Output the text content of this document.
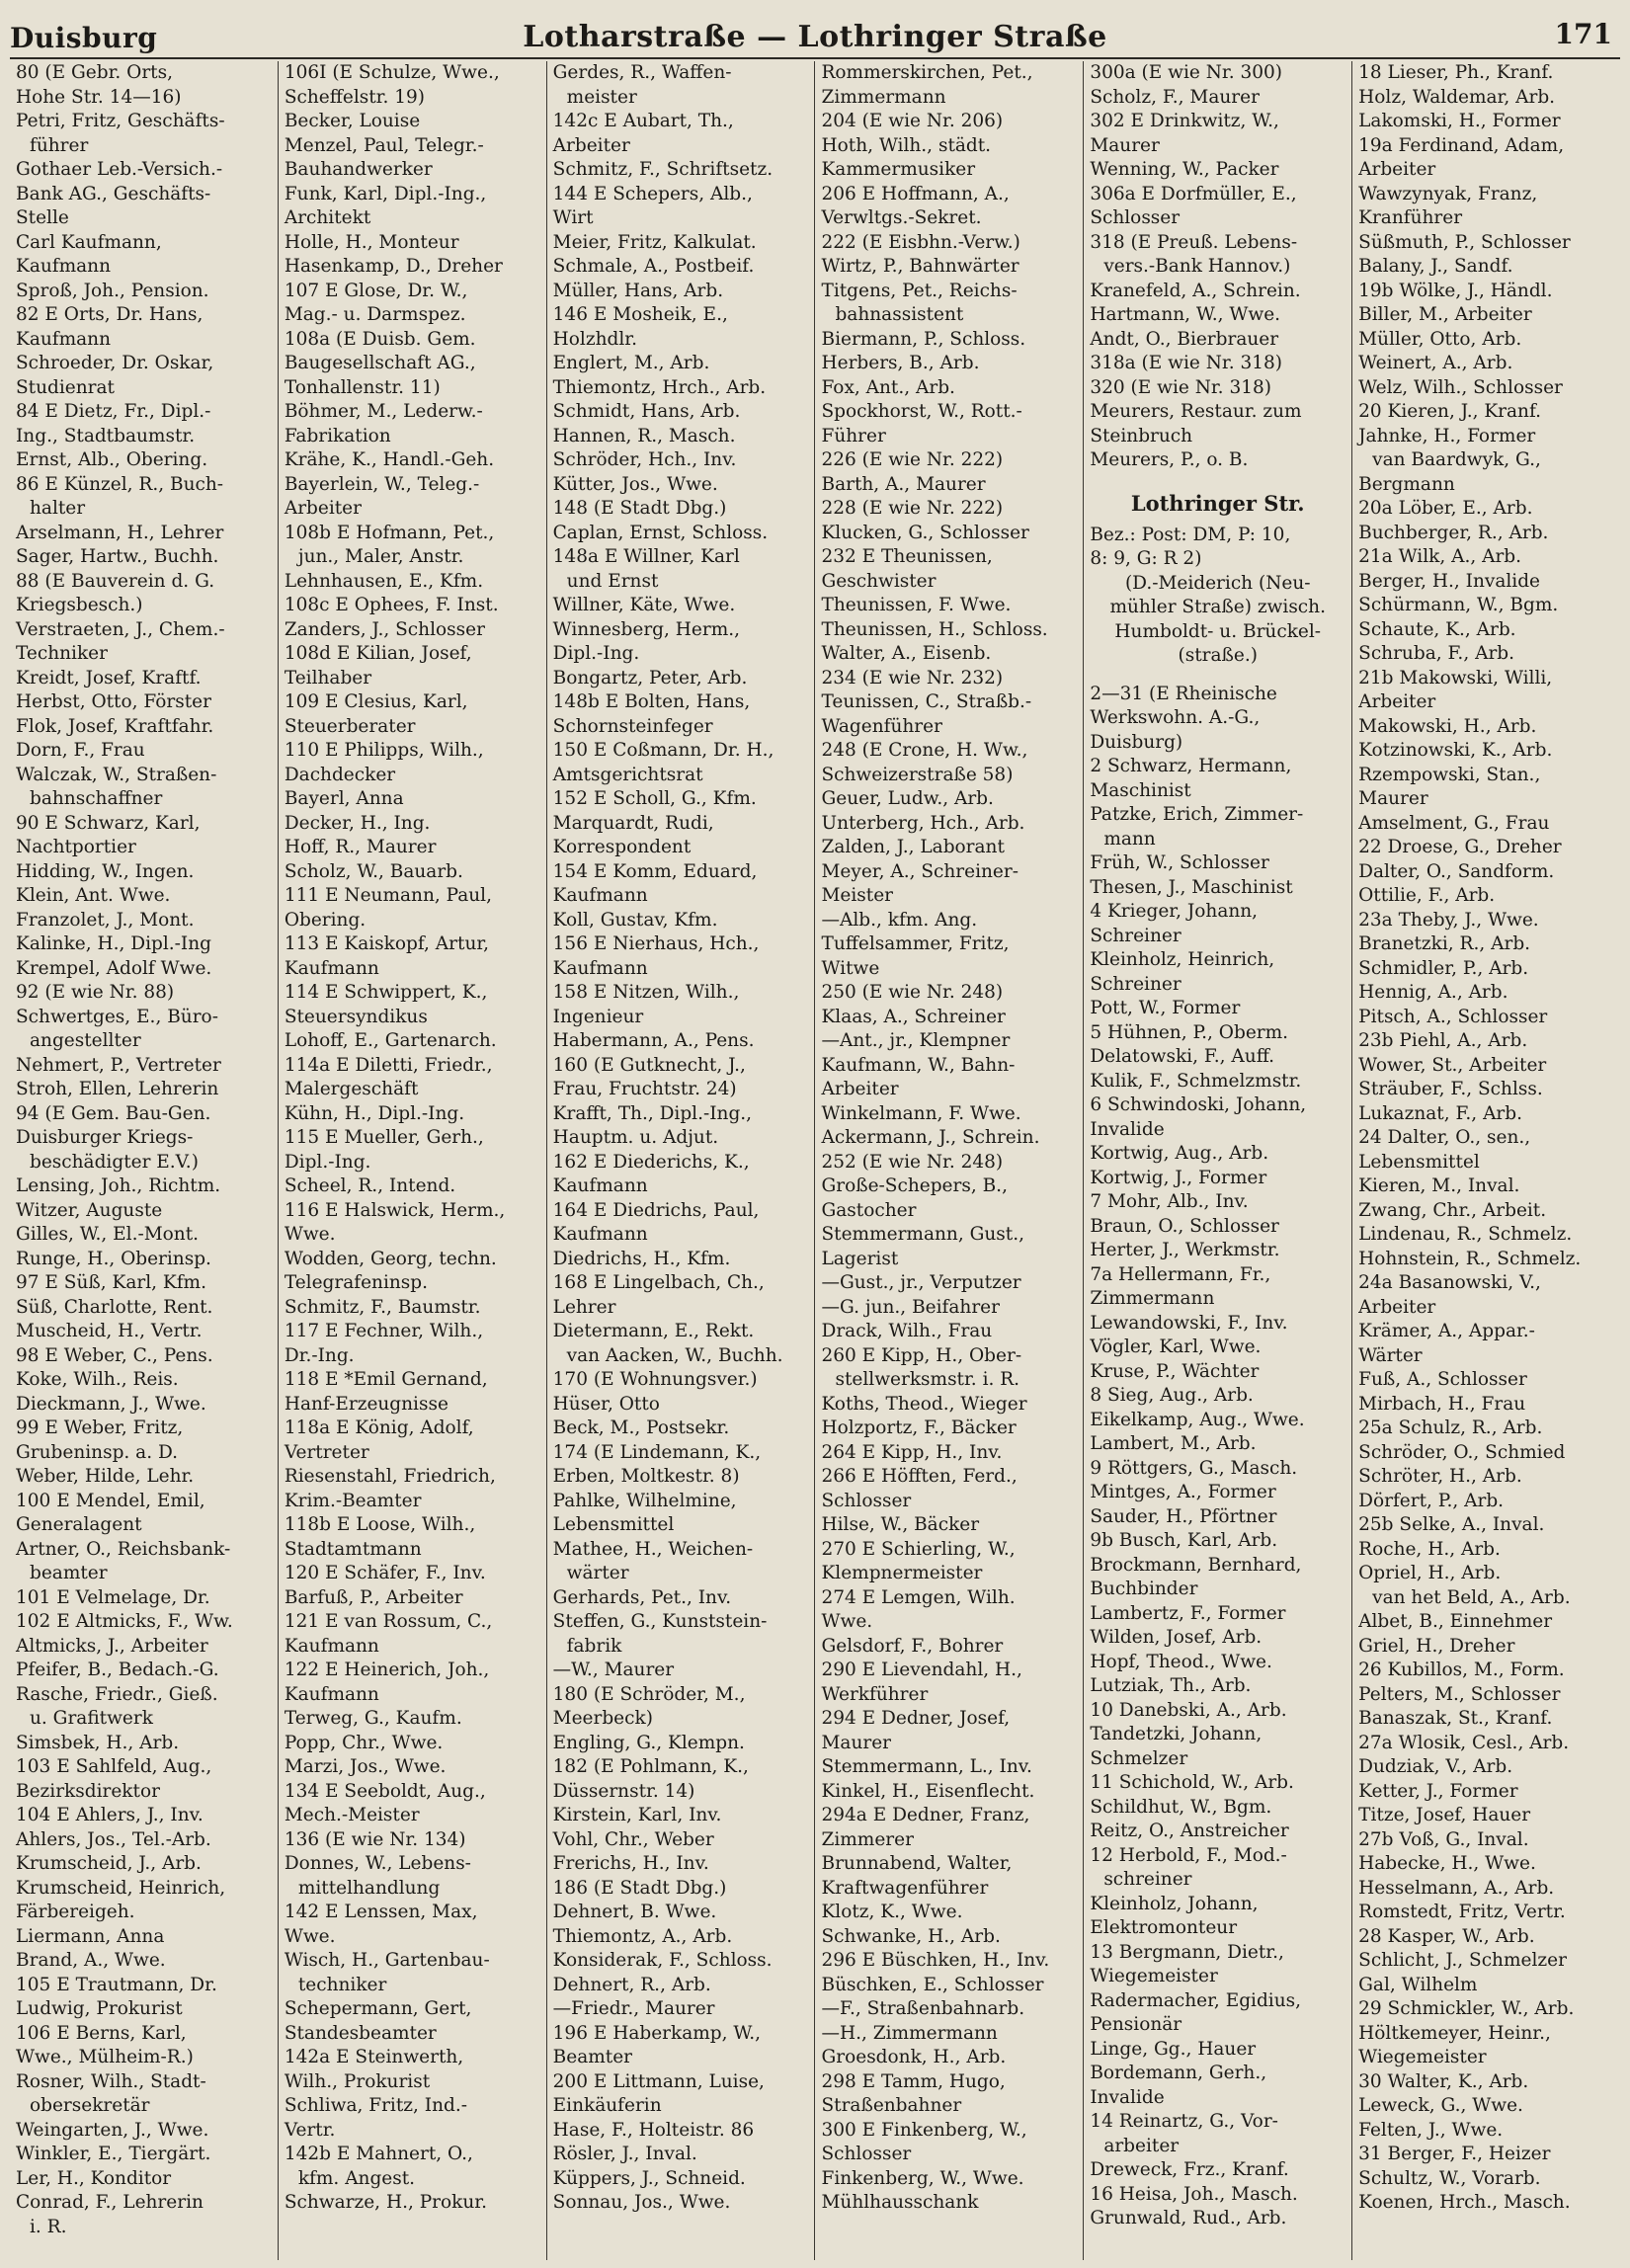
Duisburg	Lotharstraße — Lothringer Straße	171
80 (E Gebr. Orts,
Hohe Str. 14—16)
Petri, Fritz, Geschäfts-
führer
Gothaer Leb.-Versich.-
Bank AG., Geschäfts-
Stelle
Carl Kaufmann,
Kaufmann
Sproß, Joh., Pension.
82 E Orts, Dr. Hans,
Kaufmann
Schroeder, Dr. Oskar,
Studienrat
84 E Dietz, Fr., Dipl.-
Ing., Stadtbaumstr.
Ernst, Alb., Obering.
86 E Künzel, R., Buch-
halter
Arselmann, H., Lehrer
Sager, Hartw., Buchh.
88 (E Bauverein d. G.
Kriegsbesch.)
Verstraeten, J., Chem.-
Techniker
Kreidt, Josef, Kraftf.
Herbst, Otto, Förster
Flok, Josef, Kraftfahr.
Dorn, F., Frau
Walczak, W., Straßen-
bahnschaffner
90 E Schwarz, Karl,
Nachtportier
Hidding, W., Ingen.
Klein, Ant. Wwe.
Franzolet, J., Mont.
Kalinke, H., Dipl.-Ing
Krempel, Adolf Wwe.
92 (E wie Nr. 88)
Schwertges, E., Büro-
angestellter
Nehmert, P., Vertreter
Stroh, Ellen, Lehrerin
94 (E Gem. Bau-Gen.
Duisburger Kriegs-
beschädigter E.V.)
Lensing, Joh., Richtm.
Witzer, Auguste
Gilles, W., El.-Mont.
Runge, H., Oberinsp.
97 E Süß, Karl, Kfm.
Süß, Charlotte, Rent.
Muscheid, H., Vertr.
98 E Weber, C., Pens.
Koke, Wilh., Reis.
Dieckmann, J., Wwe.
99 E Weber, Fritz,
Grubeninsp. a. D.
Weber, Hilde, Lehr.
100 E Mendel, Emil,
Generalagent
Artner, O., Reichsbank-
beamter
101 E Velmelage, Dr.
102 E Altmicks, F., Ww.
Altmicks, J., Arbeiter
Pfeifer, B., Bedach.-G.
Rasche, Friedr., Gieß.
u. Grafitwerk
Simsbek, H., Arb.
103 E Sahlfeld, Aug.,
Bezirksdirektor
104 E Ahlers, J., Inv.
Ahlers, Jos., Tel.-Arb.
Krumscheid, J., Arb.
Krumscheid, Heinrich,
Färbereigeh.
Liermann, Anna
Brand, A., Wwe.
105 E Trautmann, Dr.
Ludwig, Prokurist
106 E Berns, Karl,
Wwe., Mülheim-R.)
Rosner, Wilh., Stadt-
obersekretär
Weingarten, J., Wwe.
Winkler, E., Tiergärt.
Ler, H., Konditor
Conrad, F., Lehrerin
i. R.
106I (E Schulze, Wwe.,
Scheffelstr. 19)
Becker, Louise
Menzel, Paul, Telegr.-
Bauhandwerker
Funk, Karl, Dipl.-Ing.,
Architekt
Holle, H., Monteur
Hasenkamp, D., Dreher
107 E Glose, Dr. W.,
Mag.- u. Darmspez.
108a (E Duisb. Gem.
Baugesellschaft AG.,
Tonhallenstr. 11)
Böhmer, M., Lederw.-
Fabrikation
Krähe, K., Handl.-Geh.
Bayerlein, W., Teleg.-
Arbeiter
108b E Hofmann, Pet.,
jun., Maler, Anstr.
Lehnhausen, E., Kfm.
108c E Ophees, F. Inst.
Zanders, J., Schlosser
108d E Kilian, Josef,
Teilhaber
109 E Clesius, Karl,
Steuerberater
110 E Philipps, Wilh.,
Dachdecker
Bayerl, Anna
Decker, H., Ing.
Hoff, R., Maurer
Scholz, W., Bauarb.
111 E Neumann, Paul,
Obering.
113 E Kaiskopf, Artur,
Kaufmann
114 E Schwippert, K.,
Steuersyndikus
Lohoff, E., Gartenarch.
114a E Diletti, Friedr.,
Malergeschäft
Kühn, H., Dipl.-Ing.
115 E Mueller, Gerh.,
Dipl.-Ing.
Scheel, R., Intend.
116 E Halswick, Herm.,
Wwe.
Wodden, Georg, techn.
Telegrafeninsp.
Schmitz, F., Baumstr.
117 E Fechner, Wilh.,
Dr.-Ing.
118 E *Emil Gernand,
Hanf-Erzeugnisse
118a E König, Adolf,
Vertreter
Riesenstahl, Friedrich,
Krim.-Beamter
118b E Loose, Wilh.,
Stadtamtmann
120 E Schäfer, F., Inv.
Barfuß, P., Arbeiter
121 E van Rossum, C.,
Kaufmann
122 E Heinerich, Joh.,
Kaufmann
Terweg, G., Kaufm.
Popp, Chr., Wwe.
Marzi, Jos., Wwe.
134 E Seeboldt, Aug.,
Mech.-Meister
136 (E wie Nr. 134)
Donnes, W., Lebens-
mittelhandlung
142 E Lenssen, Max,
Wwe.
Wisch, H., Gartenbau-
techniker
Schepermann, Gert,
Standesbeamter
142a E Steinwerth,
Wilh., Prokurist
Schliwa, Fritz, Ind.-
Vertr.
142b E Mahnert, O.,
kfm. Angest.
Schwarze, H., Prokur.
Gerdes, R., Waffen-
meister
142c E Aubart, Th.,
Arbeiter
Schmitz, F., Schriftsetz.
144 E Schepers, Alb.,
Wirt
Meier, Fritz, Kalkulat.
Schmale, A., Postbeif.
Müller, Hans, Arb.
146 E Mosheik, E.,
Holzhdlr.
Englert, M., Arb.
Thiemontz, Hrch., Arb.
Schmidt, Hans, Arb.
Hannen, R., Masch.
Schröder, Hch., Inv.
Kütter, Jos., Wwe.
148 (E Stadt Dbg.)
Caplan, Ernst, Schloss.
148a E Willner, Karl
und Ernst
Willner, Käte, Wwe.
Winnesberg, Herm.,
Dipl.-Ing.
Bongartz, Peter, Arb.
148b E Bolten, Hans,
Schornsteinfeger
150 E Coßmann, Dr. H.,
Amtsgerichtsrat
152 E Scholl, G., Kfm.
Marquardt, Rudi,
Korrespondent
154 E Komm, Eduard,
Kaufmann
Koll, Gustav, Kfm.
156 E Nierhaus, Hch.,
Kaufmann
158 E Nitzen, Wilh.,
Ingenieur
Habermann, A., Pens.
160 (E Gutknecht, J.,
Frau, Fruchtstr. 24)
Krafft, Th., Dipl.-Ing.,
Hauptm. u. Adjut.
162 E Diederichs, K.,
Kaufmann
164 E Diedrichs, Paul,
Kaufmann
Diedrichs, H., Kfm.
168 E Lingelbach, Ch.,
Lehrer
Dietermann, E., Rekt.
van Aacken, W., Buchh.
170 (E Wohnungsver.)
Hüser, Otto
Beck, M., Postsekr.
174 (E Lindemann, K.,
Erben, Moltkestr. 8)
Pahlke, Wilhelmine,
Lebensmittel
Mathee, H., Weichen-
wärter
Gerhards, Pet., Inv.
Steffen, G., Kunststein-
fabrik
—W., Maurer
180 (E Schröder, M.,
Meerbeck)
Engling, G., Klempn.
182 (E Pohlmann, K.,
Düssernstr. 14)
Kirstein, Karl, Inv.
Vohl, Chr., Weber
Frerichs, H., Inv.
186 (E Stadt Dbg.)
Dehnert, B. Wwe.
Thiemontz, A., Arb.
Konsiderak, F., Schloss.
Dehnert, R., Arb.
—Friedr., Maurer
196 E Haberkamp, W.,
Beamter
200 E Littmann, Luise,
Einkäuferin
Hase, F., Holteistr. 86
Rösler, J., Inval.
Küppers, J., Schneid.
Sonnau, Jos., Wwe.
Rommerskirchen, Pet.,
Zimmermann
204 (E wie Nr. 206)
Hoth, Wilh., städt.
Kammermusiker
206 E Hoffmann, A.,
Verwltgs.-Sekret.
222 (E Eisbhn.-Verw.)
Wirtz, P., Bahnwärter
Titgens, Pet., Reichs-
bahnassistent
Biermann, P., Schloss.
Herbers, B., Arb.
Fox, Ant., Arb.
Spockhorst, W., Rott.-
Führer
226 (E wie Nr. 222)
Barth, A., Maurer
228 (E wie Nr. 222)
Klucken, G., Schlosser
232 E Theunissen,
Geschwister
Theunissen, F. Wwe.
Theunissen, H., Schloss.
Walter, A., Eisenb.
234 (E wie Nr. 232)
Teunissen, C., Straßb.-
Wagenführer
248 (E Crone, H. Ww.,
Schweizerstraße 58)
Geuer, Ludw., Arb.
Unterberg, Hch., Arb.
Zalden, J., Laborant
Meyer, A., Schreiner-
Meister
—Alb., kfm. Ang.
Tuffelsammer, Fritz,
Witwe
250 (E wie Nr. 248)
Klaas, A., Schreiner
—Ant., jr., Klempner
Kaufmann, W., Bahn-
Arbeiter
Winkelmann, F. Wwe.
Ackermann, J., Schrein.
252 (E wie Nr. 248)
Große-Schepers, B.,
Gastocher
Stemmermann, Gust.,
Lagerist
—Gust., jr., Verputzer
—G. jun., Beifahrer
Drack, Wilh., Frau
260 E Kipp, H., Ober-
stellwerksmstr. i. R.
Koths, Theod., Wieger
Holzportz, F., Bäcker
264 E Kipp, H., Inv.
266 E Höfften, Ferd.,
Schlosser
Hilse, W., Bäcker
270 E Schierling, W.,
Klempnermeister
274 E Lemgen, Wilh.
Wwe.
Gelsdorf, F., Bohrer
290 E Lievendahl, H.,
Werkführer
294 E Dedner, Josef,
Maurer
Stemmermann, L., Inv.
Kinkel, H., Eisenflecht.
294a E Dedner, Franz,
Zimmerer
Brunnabend, Walter,
Kraftwagenführer
Klotz, K., Wwe.
Schwanke, H., Arb.
296 E Büschken, H., Inv.
Büschken, E., Schlosser
—F., Straßenbahnarb.
—H., Zimmermann
Groesdonk, H., Arb.
298 E Tamm, Hugo,
Straßenbahner
300 E Finkenberg, W.,
Schlosser
Finkenberg, W., Wwe.
Mühlhausschank
300a (E wie Nr. 300)
Scholz, F., Maurer
302 E Drinkwitz, W.,
Maurer
Wenning, W., Packer
306a E Dorfmüller, E.,
Schlosser
318 (E Preuß. Lebens-
vers.-Bank Hannov.)
Kranefeld, A., Schrein.
Hartmann, W., Wwe.
Andt, O., Bierbrauer
318a (E wie Nr. 318)
320 (E wie Nr. 318)
Meurers, Restaur. zum
Steinbruch
Meurers, P., o. B.
Lothringer Str.
Bez.: Post: DM, P: 10,
8: 9, G: R 2)
(D.-Meiderich (Neu-
mühler Straße) zwisch.
Humboldt- u. Brückel-
(straße.)
2—31 (E Rheinische
Werkswohn. A.-G.,
Duisburg)
2 Schwarz, Hermann,
Maschinist
Patzke, Erich, Zimmer-
mann
Früh, W., Schlosser
Thesen, J., Maschinist
4 Krieger, Johann,
Schreiner
Kleinholz, Heinrich,
Schreiner
Pott, W., Former
5 Hühnen, P., Oberm.
Delatowski, F., Auff.
Kulik, F., Schmelzmstr.
6 Schwindoski, Johann,
Invalide
Kortwig, Aug., Arb.
Kortwig, J., Former
7 Mohr, Alb., Inv.
Braun, O., Schlosser
Herter, J., Werkmstr.
7a Hellermann, Fr.,
Zimmermann
Lewandowski, F., Inv.
Vögler, Karl, Wwe.
Kruse, P., Wächter
8 Sieg, Aug., Arb.
Eikelkamp, Aug., Wwe.
Lambert, M., Arb.
9 Röttgers, G., Masch.
Mintges, A., Former
Sauder, H., Pförtner
9b Busch, Karl, Arb.
Brockmann, Bernhard,
Buchbinder
Lambertz, F., Former
Wilden, Josef, Arb.
Hopf, Theod., Wwe.
Lutziak, Th., Arb.
10 Danebski, A., Arb.
Tandetzki, Johann,
Schmelzer
11 Schichold, W., Arb.
Schildhut, W., Bgm.
Reitz, O., Anstreicher
12 Herbold, F., Mod.-
schreiner
Kleinholz, Johann,
Elektromonteur
13 Bergmann, Dietr.,
Wiegemeister
Radermacher, Egidius,
Pensionär
Linge, Gg., Hauer
Bordemann, Gerh.,
Invalide
14 Reinartz, G., Vor-
arbeiter
Dreweck, Frz., Kranf.
16 Heisa, Joh., Masch.
Grunwald, Rud., Arb.
18 Lieser, Ph., Kranf.
Holz, Waldemar, Arb.
Lakomski, H., Former
19a Ferdinand, Adam,
Arbeiter
Wawzynyak, Franz,
Kranführer
Süßmuth, P., Schlosser
Balany, J., Sandf.
19b Wölke, J., Händl.
Biller, M., Arbeiter
Müller, Otto, Arb.
Weinert, A., Arb.
Welz, Wilh., Schlosser
20 Kieren, J., Kranf.
Jahnke, H., Former
van Baardwyk, G.,
Bergmann
20a Löber, E., Arb.
Buchberger, R., Arb.
21a Wilk, A., Arb.
Berger, H., Invalide
Schürmann, W., Bgm.
Schaute, K., Arb.
Schruba, F., Arb.
21b Makowski, Willi,
Arbeiter
Makowski, H., Arb.
Kotzinowski, K., Arb.
Rzempowski, Stan.,
Maurer
Amselment, G., Frau
22 Droese, G., Dreher
Dalter, O., Sandform.
Ottilie, F., Arb.
23a Theby, J., Wwe.
Branetzki, R., Arb.
Schmidler, P., Arb.
Hennig, A., Arb.
Pitsch, A., Schlosser
23b Piehl, A., Arb.
Wower, St., Arbeiter
Sträuber, F., Schlss.
Lukaznat, F., Arb.
24 Dalter, O., sen.,
Lebensmittel
Kieren, M., Inval.
Zwang, Chr., Arbeit.
Lindenau, R., Schmelz.
Hohnstein, R., Schmelz.
24a Basanowski, V.,
Arbeiter
Krämer, A., Appar.-
Wärter
Fuß, A., Schlosser
Mirbach, H., Frau
25a Schulz, R., Arb.
Schröder, O., Schmied
Schröter, H., Arb.
Dörfert, P., Arb.
25b Selke, A., Inval.
Roche, H., Arb.
Opriel, H., Arb.
van het Beld, A., Arb.
Albet, B., Einnehmer
Griel, H., Dreher
26 Kubillos, M., Form.
Pelters, M., Schlosser
Banaszak, St., Kranf.
27a Wlosik, Cesl., Arb.
Dudziak, V., Arb.
Ketter, J., Former
Titze, Josef, Hauer
27b Voß, G., Inval.
Habecke, H., Wwe.
Hesselmann, A., Arb.
Romstedt, Fritz, Vertr.
28 Kasper, W., Arb.
Schlicht, J., Schmelzer
Gal, Wilhelm
29 Schmickler, W., Arb.
Höltkemeyer, Heinr.,
Wiegemeister
30 Walter, K., Arb.
Leweck, G., Wwe.
Felten, J., Wwe.
31 Berger, F., Heizer
Schultz, W., Vorarb.
Koenen, Hrch., Masch.
